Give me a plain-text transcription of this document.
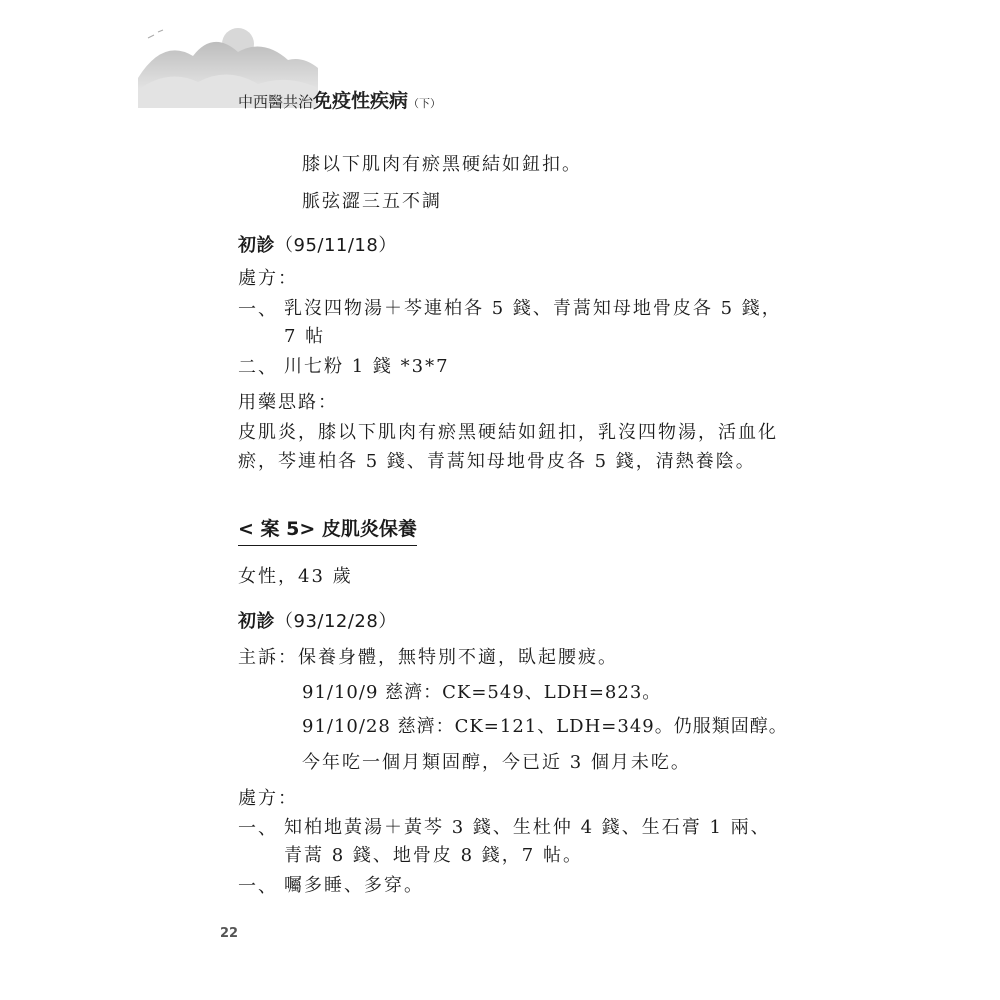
中西醫共治免疫性疾病（下）
膝以下肌肉有瘀黑硬結如鈕扣。
脈弦澀三五不調
初診（95/11/18）
處方：
一、 乳沒四物湯＋芩連柏各 5 錢、青蒿知母地骨皮各 5 錢，7 帖
二、 川七粉 1 錢 *3*7
用藥思路：
皮肌炎，膝以下肌肉有瘀黑硬結如鈕扣，乳沒四物湯，活血化瘀，芩連柏各 5 錢、青蒿知母地骨皮各 5 錢，清熱養陰。
< 案 5> 皮肌炎保養
女性，43 歲
初診（93/12/28）
主訴：保養身體，無特別不適，臥起腰疲。
91/10/9 慈濟：CK=549、LDH=823。
91/10/28 慈濟：CK=121、LDH=349。仍服類固醇。
今年吃一個月類固醇，今已近 3 個月未吃。
處方：
一、 知柏地黃湯＋黃芩 3 錢、生杜仲 4 錢、生石膏 1 兩、青蒿 8 錢、地骨皮 8 錢，7 帖。
一、 囑多睡、多穿。
22
